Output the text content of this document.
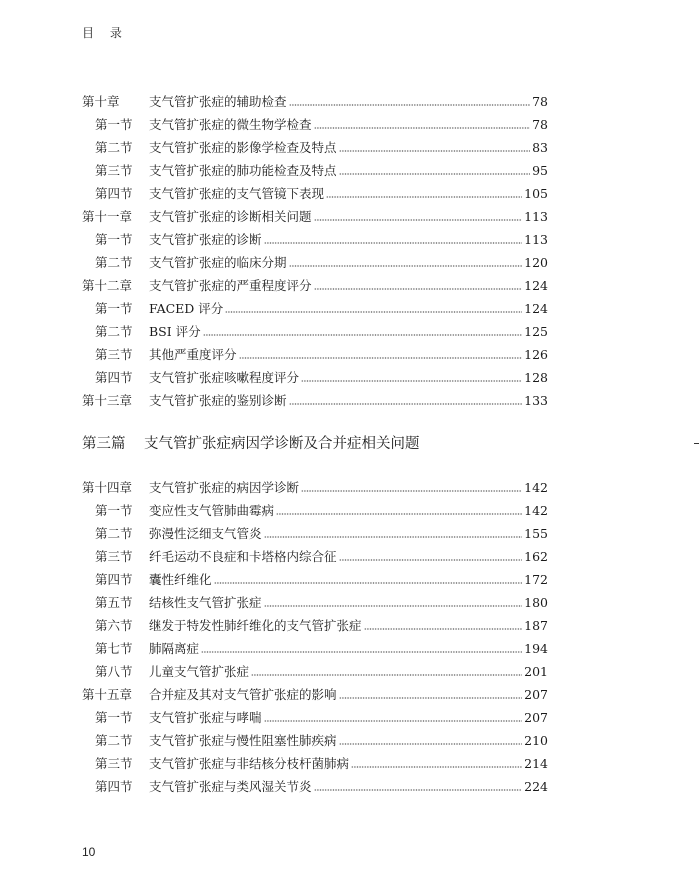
目 录
第十章	支气管扩张症的辅助检查	78
第一节	支气管扩张症的微生物学检查	78
第二节	支气管扩张症的影像学检查及特点	83
第三节	支气管扩张症的肺功能检查及特点	95
第四节	支气管扩张症的支气管镜下表现	105
第十一章	支气管扩张症的诊断相关问题	113
第一节	支气管扩张症的诊断	113
第二节	支气管扩张症的临床分期	120
第十二章	支气管扩张症的严重程度评分	124
第一节	FACED 评分	124
第二节	BSI 评分	125
第三节	其他严重度评分	126
第四节	支气管扩张症咳嗽程度评分	128
第十三章	支气管扩张症的鉴别诊断	133
第三篇 支气管扩张症病因学诊断及合并症相关问题
第十四章	支气管扩张症的病因学诊断	142
第一节	变应性支气管肺曲霉病	142
第二节	弥漫性泛细支气管炎	155
第三节	纤毛运动不良症和卡塔格内综合征	162
第四节	囊性纤维化	172
第五节	结核性支气管扩张症	180
第六节	继发于特发性肺纤维化的支气管扩张症	187
第七节	肺隔离症	194
第八节	儿童支气管扩张症	201
第十五章	合并症及其对支气管扩张症的影响	207
第一节	支气管扩张症与哮喘	207
第二节	支气管扩张症与慢性阻塞性肺疾病	210
第三节	支气管扩张症与非结核分枝杆菌肺病	214
第四节	支气管扩张症与类风湿关节炎	224
10
